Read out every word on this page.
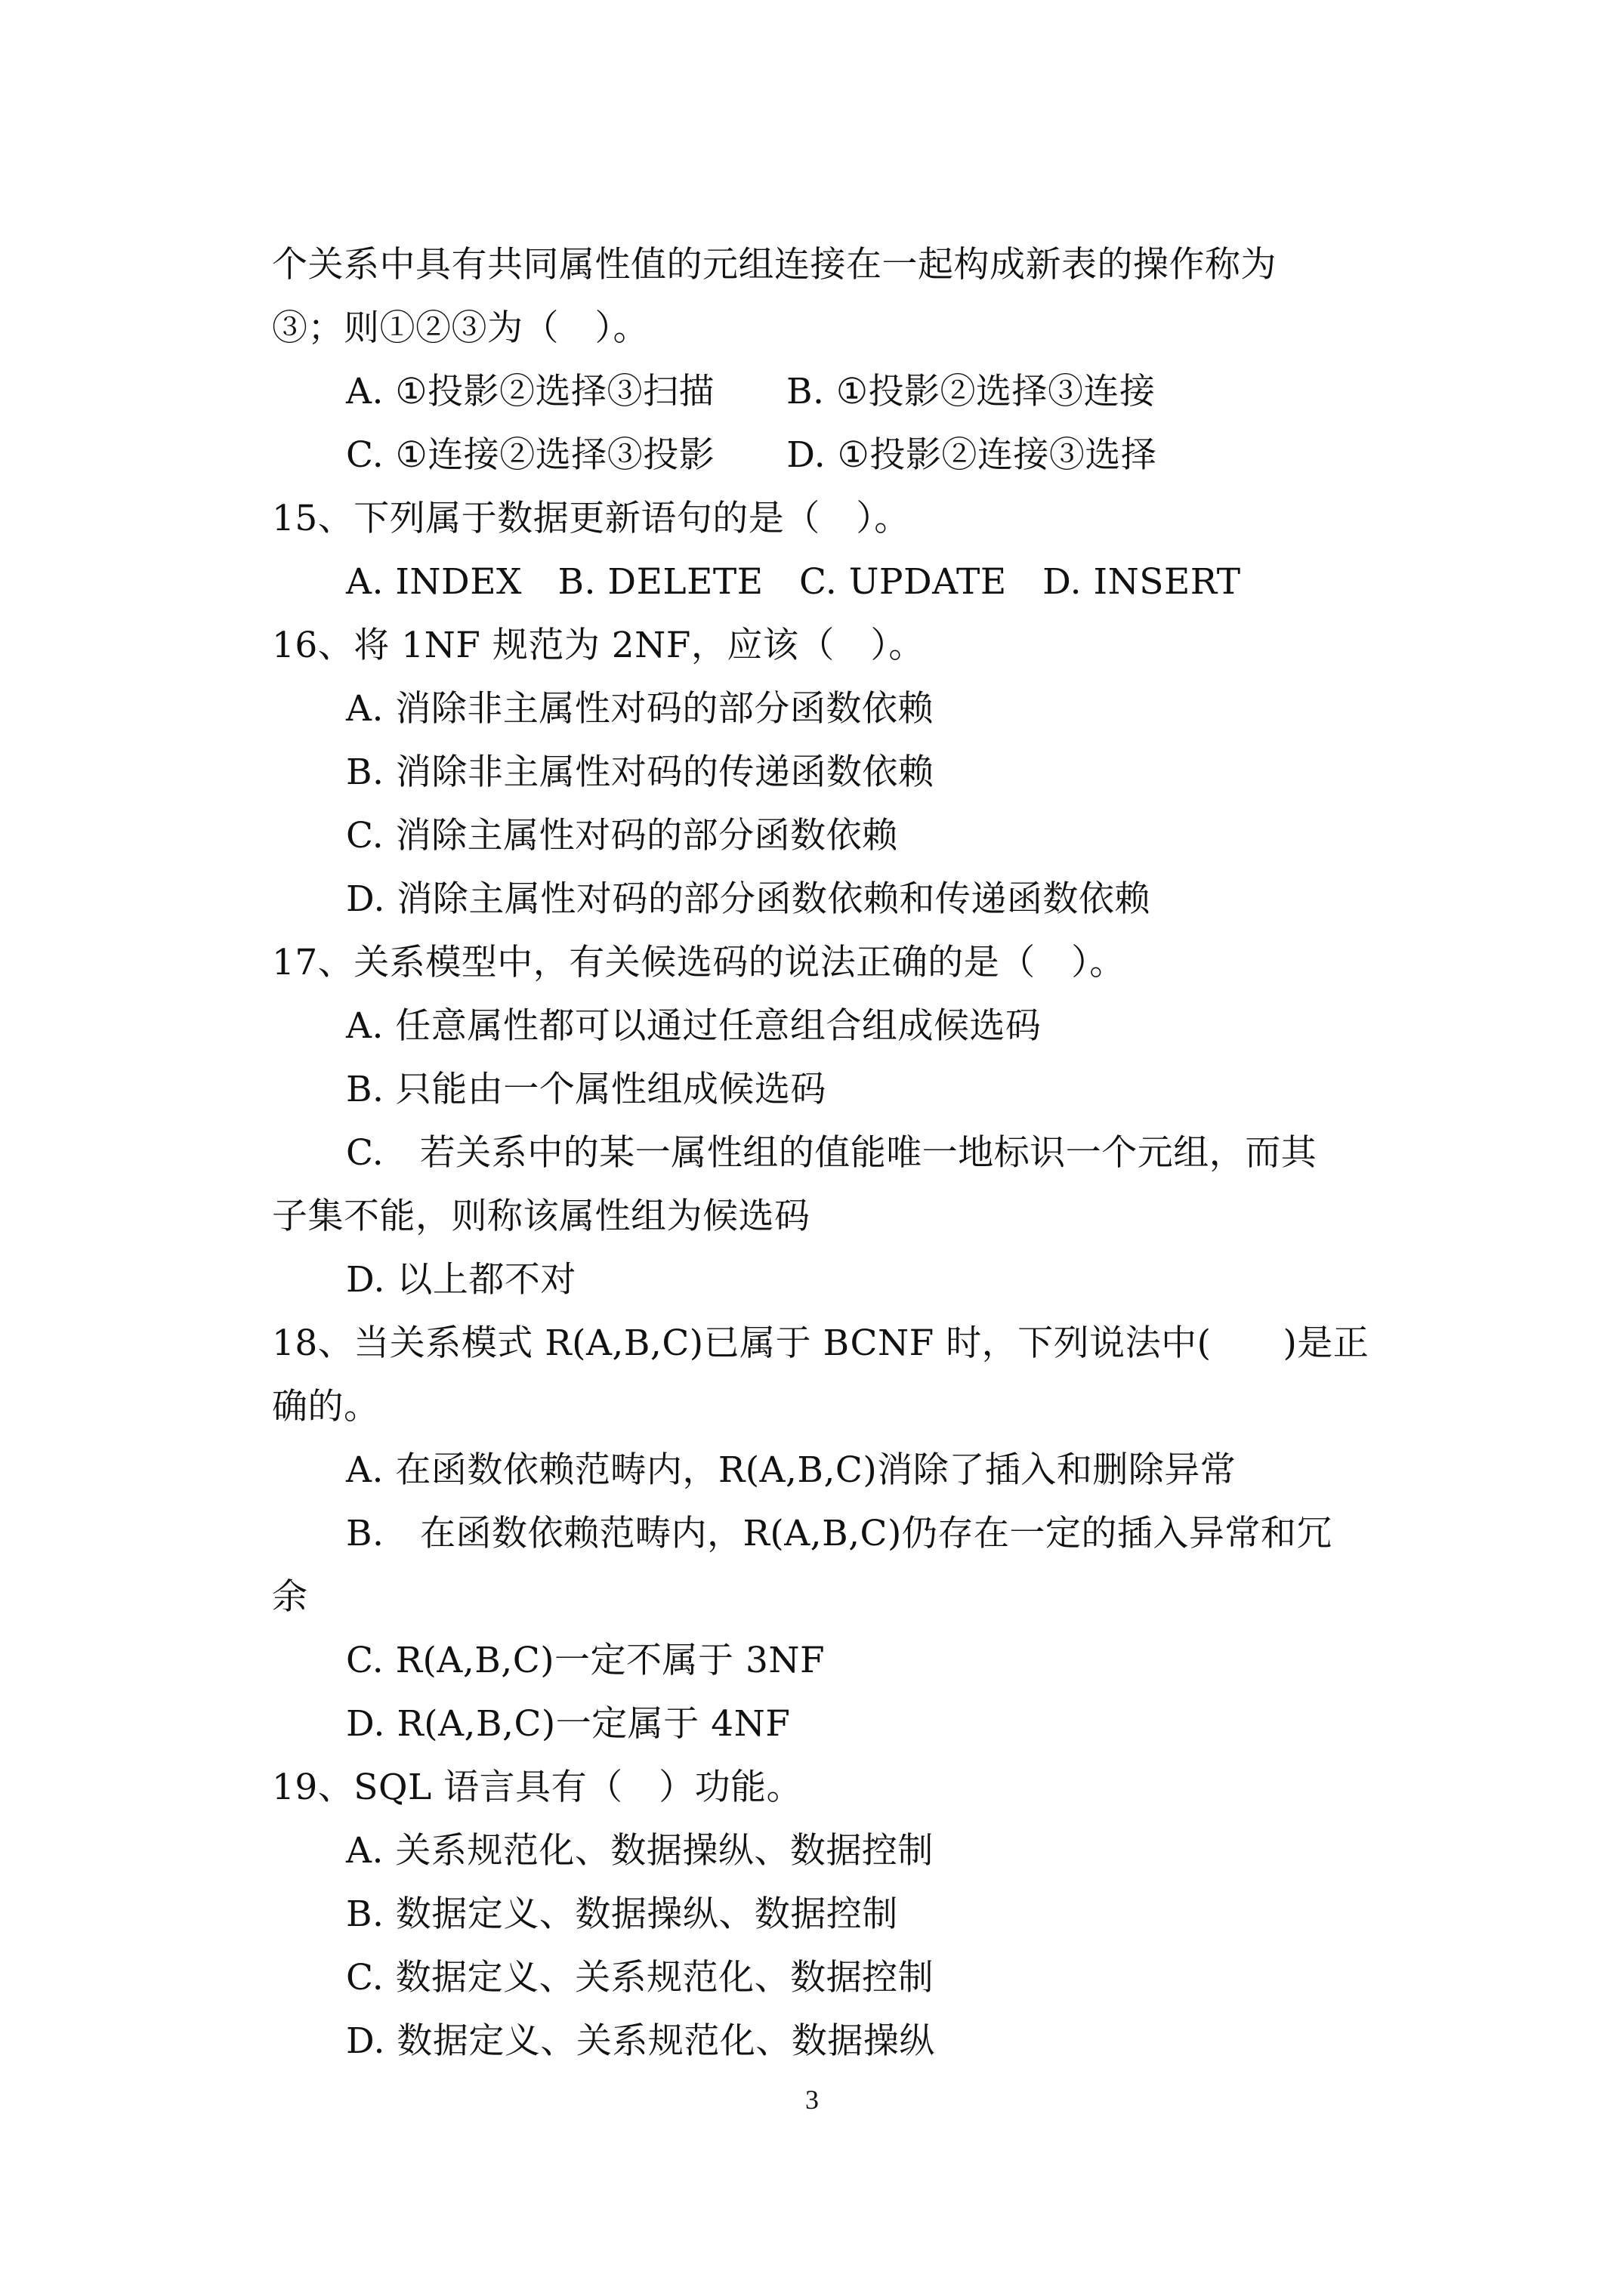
个关系中具有共同属性值的元组连接在一起构成新表的操作称为
③；则①②③为（　）。
A. ①投影②选择③扫描　　B. ①投影②选择③连接
C. ①连接②选择③投影　　D. ①投影②连接③选择
15、下列属于数据更新语句的是（　）。
A. INDEX　B. DELETE　C. UPDATE　D. INSERT
16、将 1NF 规范为 2NF，应该（　）。
A. 消除非主属性对码的部分函数依赖
B. 消除非主属性对码的传递函数依赖
C. 消除主属性对码的部分函数依赖
D. 消除主属性对码的部分函数依赖和传递函数依赖
17、关系模型中，有关候选码的说法正确的是（　）。
A. 任意属性都可以通过任意组合组成候选码
B. 只能由一个属性组成候选码
C.　若关系中的某一属性组的值能唯一地标识一个元组，而其
子集不能，则称该属性组为候选码
D. 以上都不对
18、当关系模式 R(A,B,C)已属于 BCNF 时，下列说法中(　　)是正
确的。
A. 在函数依赖范畴内，R(A,B,C)消除了插入和删除异常
B.　在函数依赖范畴内，R(A,B,C)仍存在一定的插入异常和冗
余
C. R(A,B,C)一定不属于 3NF
D. R(A,B,C)一定属于 4NF
19、SQL 语言具有（　）功能。
A. 关系规范化、数据操纵、数据控制
B. 数据定义、数据操纵、数据控制
C. 数据定义、关系规范化、数据控制
D. 数据定义、关系规范化、数据操纵
3
